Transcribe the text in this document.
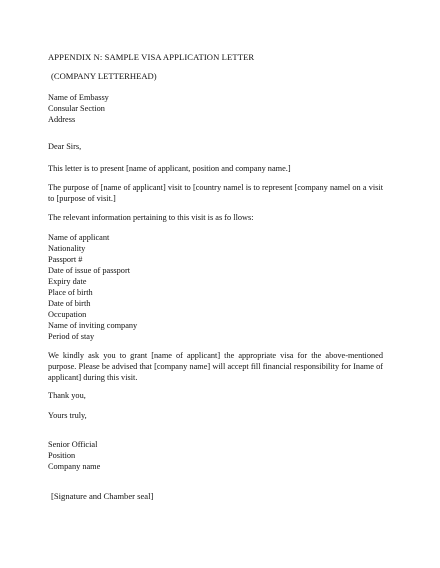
APPENDIX N: SAMPLE VISA APPLICATION LETTER
(COMPANY LETTERHEAD)
Name of Embassy
Consular Section
Address
Dear Sirs,
This letter is to present [name of applicant, position and company name.]
The purpose of [name of applicant] visit to [country namel is to represent [company namel on a visit to [purpose of visit.]
The relevant information pertaining to this visit is as fo llows:
Name of applicant
Nationality
Passport #
Date of issue of passport
Expiry date
Place of birth
Date of birth
Occupation
Name of inviting company
Period of stay
We kindly ask you to grant [name of applicant] the appropriate visa for the above-mentioned purpose. Please be advised that [company name] will accept fill financial responsibility for Iname of applicant] during this visit.
Thank you,
Yours truly,
Senior Official
Position
Company name
[Signature and Chamber seal]
